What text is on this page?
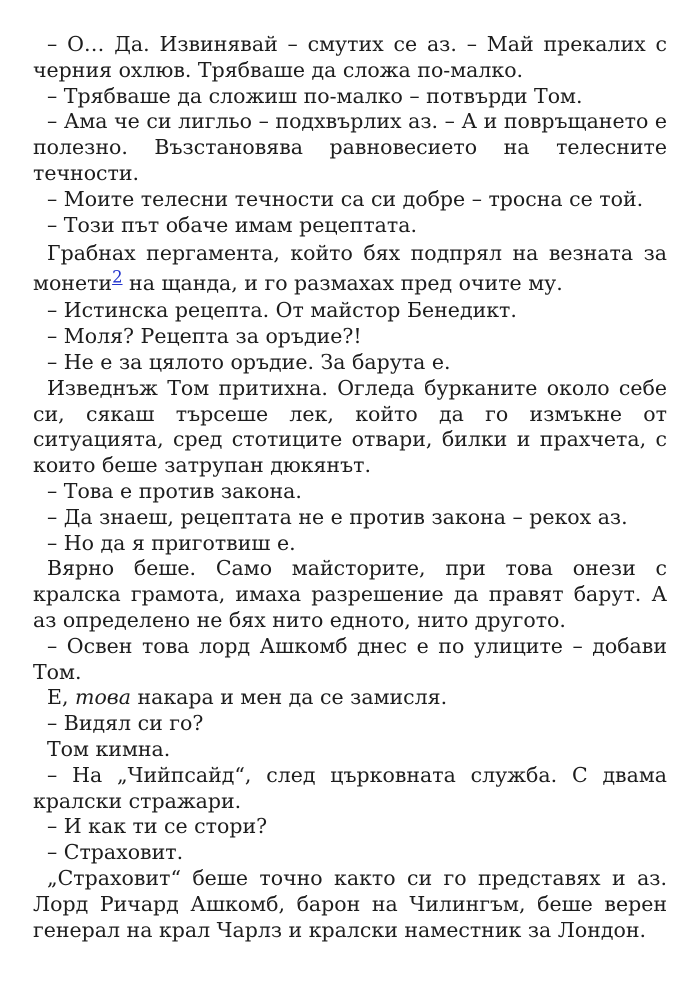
– О… Да. Извинявай – смутих се аз. – Май прекалих с черния охлюв. Трябваше да сложа по-малко.

– Трябваше да сложиш по-малко – потвърди Том.

– Ама че си лигльо – подхвърлих аз. – А и повръщането е полезно. Възстановява равновесието на телесните течности.

– Моите телесни течности са си добре – тросна се той.

– Този път обаче имам рецептата.

Грабнах пергамента, който бях подпрял на везната за монети$^2$ на щанда, и го размахах пред очите му.

– Истинска рецепта. От майстор Бенедикт.

– Моля? Рецепта за оръдие?!

– Не е за цялото оръдие. За барута е.

Изведнъж Том притихна. Огледа бурканите около себе си, сякаш търсеше лек, който да го измъкне от ситуацията, сред стотиците отвари, билки и прахчета, с които беше затрупан дюкянът.

– Това е против закона.

– Да знаеш, рецептата не е против закона – рекох аз.

– Но да я приготвиш е.

Вярно беше. Само майсторите, при това онези с кралска грамота, имаха разрешение да правят барут. А аз определено не бях нито едното, нито другото.

– Освен това лорд Ашкомб днес е по улиците – добави Том.

Е, това накара и мен да се замисля.

– Видял си го?

Том кимна.

– На „Чийпсайд“, след църковната служба. С двама кралски стражари.

– И как ти се стори?

– Страховит.

„Страховит“ беше точно както си го представях и аз. Лорд Ричард Ашкомб, барон на Чилингъм, беше верен генерал на крал Чарлз и кралски наместник за Лондон.
